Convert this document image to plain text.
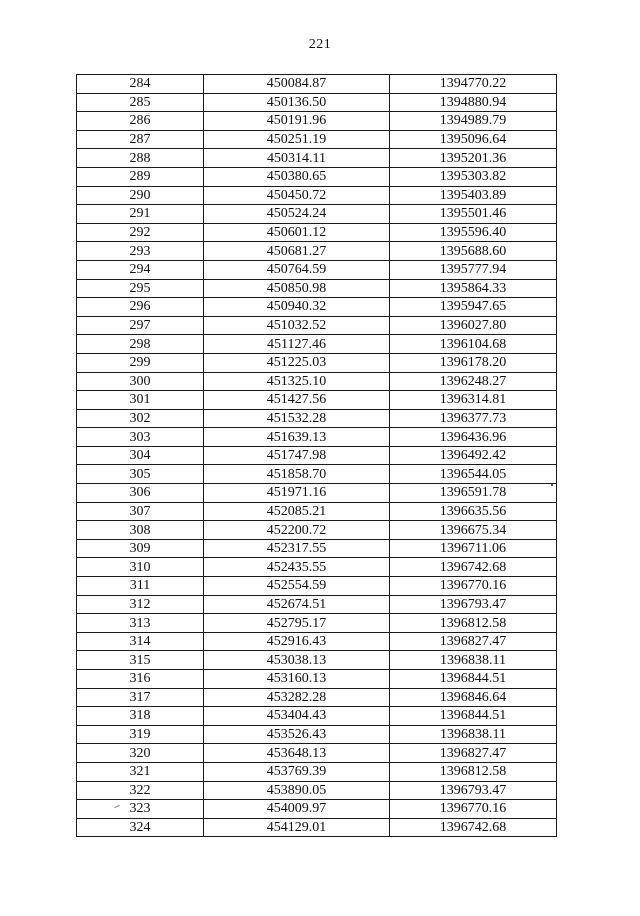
221
284	450084.87	1394770.22
285	450136.50	1394880.94
286	450191.96	1394989.79
287	450251.19	1395096.64
288	450314.11	1395201.36
289	450380.65	1395303.82
290	450450.72	1395403.89
291	450524.24	1395501.46
292	450601.12	1395596.40
293	450681.27	1395688.60
294	450764.59	1395777.94
295	450850.98	1395864.33
296	450940.32	1395947.65
297	451032.52	1396027.80
298	451127.46	1396104.68
299	451225.03	1396178.20
300	451325.10	1396248.27
301	451427.56	1396314.81
302	451532.28	1396377.73
303	451639.13	1396436.96
304	451747.98	1396492.42
305	451858.70	1396544.05
306	451971.16	1396591.78
307	452085.21	1396635.56
308	452200.72	1396675.34
309	452317.55	1396711.06
310	452435.55	1396742.68
311	452554.59	1396770.16
312	452674.51	1396793.47
313	452795.17	1396812.58
314	452916.43	1396827.47
315	453038.13	1396838.11
316	453160.13	1396844.51
317	453282.28	1396846.64
318	453404.43	1396844.51
319	453526.43	1396838.11
320	453648.13	1396827.47
321	453769.39	1396812.58
322	453890.05	1396793.47
323	454009.97	1396770.16
324	454129.01	1396742.68
